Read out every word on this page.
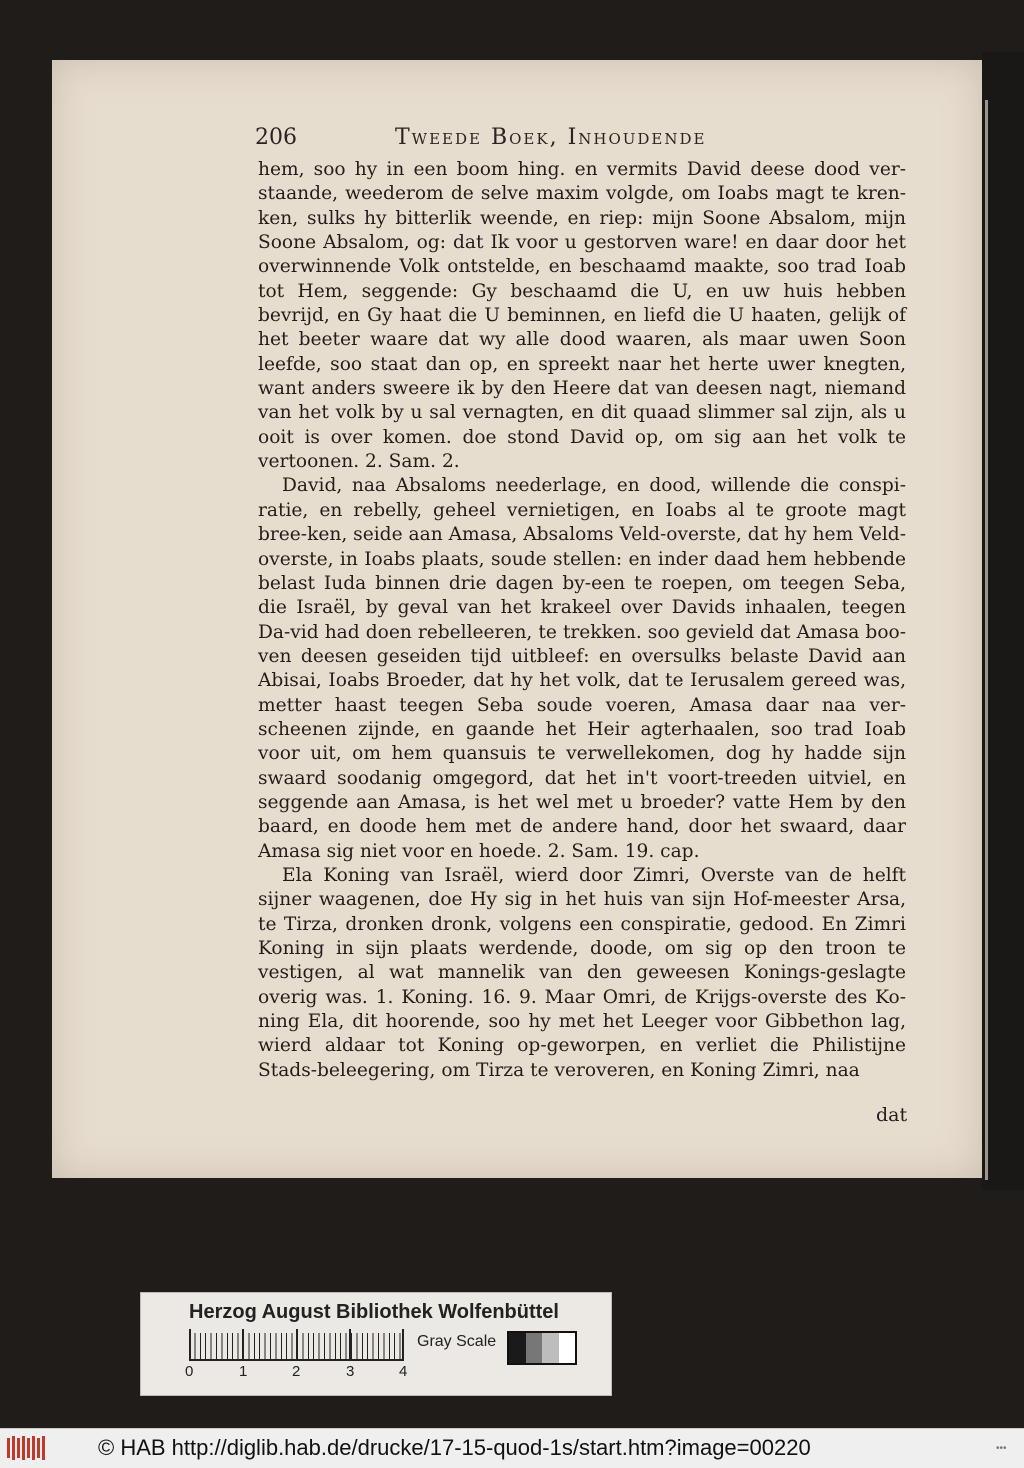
206	Tweede Boek, Inhoudende

hem, soo hy in een boom hing. en vermits David deese dood ver-staande, weederom de selve maxim volgde, om Ioabs magt te kren-ken, sulks hy bitterlik weende, en riep: mijn Soone Absalom, mijn Soone Absalom, og: dat Ik voor u gestorven ware! en daar door het overwinnende Volk ontstelde, en beschaamd maakte, soo trad Ioab tot Hem, seggende: Gy beschaamd die U, en uw huis hebben bevrijd, en Gy haat die U beminnen, en liefd die U haaten, gelijk of het beeter waare dat wy alle dood waaren, als maar uwen Soon leefde, soo staat dan op, en spreekt naar het herte uwer knegten, want anders sweere ik by den Heere dat van deesen nagt, niemand van het volk by u sal vernagten, en dit quaad slimmer sal zijn, als u ooit is over komen. doe stond David op, om sig aan het volk te vertoonen. 2. Sam. 2.

David, naa Absaloms neederlage, en dood, willende die conspi-ratie, en rebelly, geheel vernietigen, en Ioabs al te groote magt bree-ken, seide aan Amasa, Absaloms Veld-overste, dat hy hem Veld-overste, in Ioabs plaats, soude stellen: en inder daad hem hebbende belast Iuda binnen drie dagen by-een te roepen, om teegen Seba, die Israël, by geval van het krakeel over Davids inhaalen, teegen Da-vid had doen rebelleeren, te trekken. soo gevield dat Amasa boo-ven deesen geseiden tijd uitbleef: en oversulks belaste David aan Abisai, Ioabs Broeder, dat hy het volk, dat te Ierusalem gereed was, metter haast teegen Seba soude voeren, Amasa daar naa ver-scheenen zijnde, en gaande het Heir agterhaalen, soo trad Ioab voor uit, om hem quansuis te verwellekomen, dog hy hadde sijn swaard soodanig omgegord, dat het in't voort-treeden uitviel, en seggende aan Amasa, is het wel met u broeder? vatte Hem by den baard, en doode hem met de andere hand, door het swaard, daar Amasa sig niet voor en hoede. 2. Sam. 19. cap.

Ela Koning van Israël, wierd door Zimri, Overste van de helft sijner waagenen, doe Hy sig in het huis van sijn Hof-meester Arsa, te Tirza, dronken dronk, volgens een conspiratie, gedood. En Zimri Koning in sijn plaats werdende, doode, om sig op den troon te vestigen, al wat mannelik van den geweesen Konings-geslagte overig was. 1. Koning. 16. 9. Maar Omri, de Krijgs-overste des Ko-ning Ela, dit hoorende, soo hy met het Leeger voor Gibbethon lag, wierd aldaar tot Koning op-geworpen, en verliet die Philistijne Stads-beleegering, om Tirza te veroveren, en Koning Zimri, naa

dat
Herzog August Bibliothek Wolfenbüttel
0	1	2	3	4
Gray Scale
© HAB http://diglib.hab.de/drucke/17-15-quod-1s/start.htm?image=00220	•••
